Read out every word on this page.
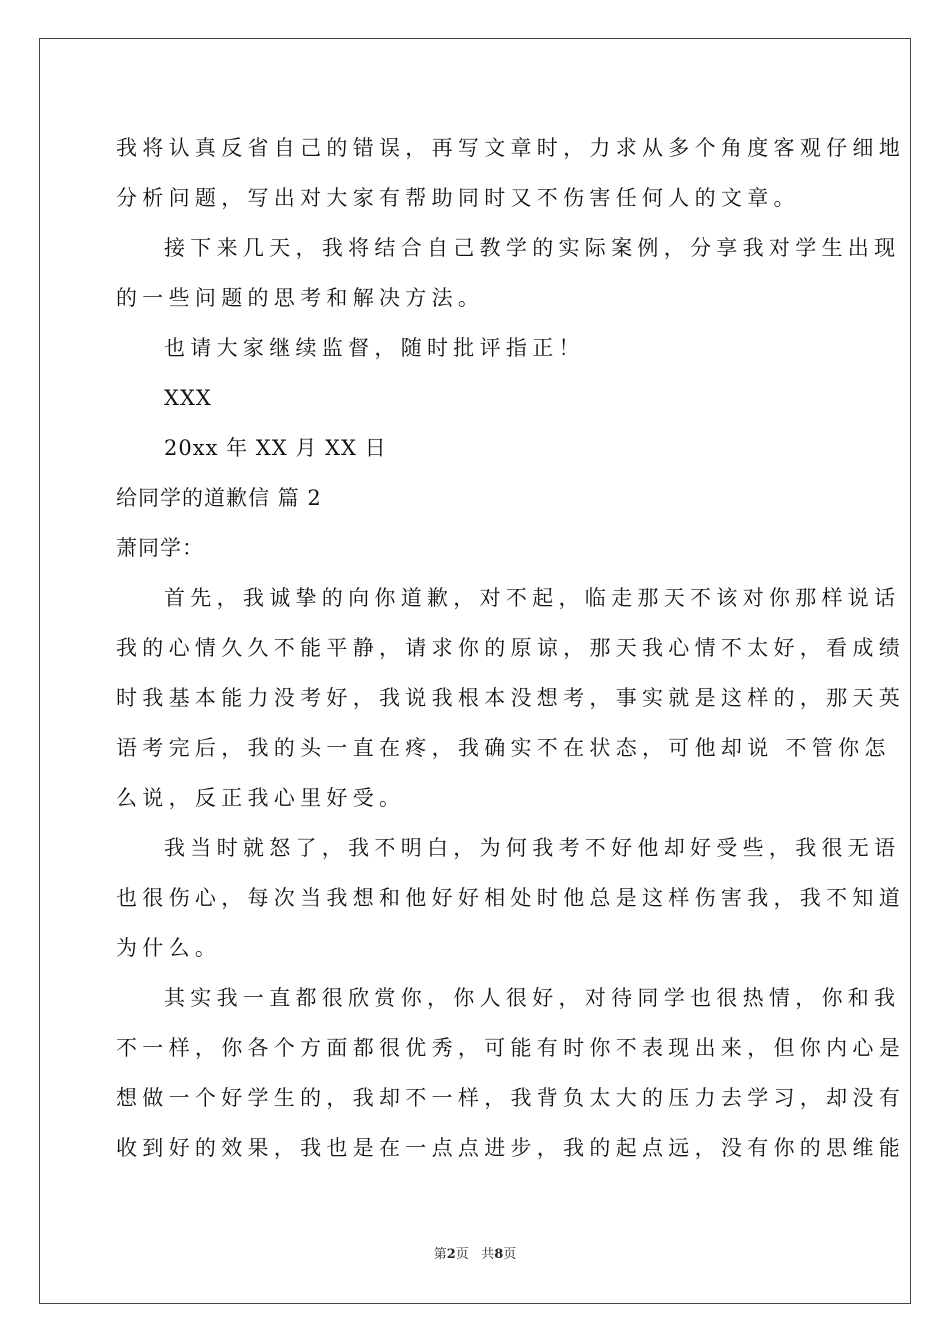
我将认真反省自己的错误，再写文章时，力求从多个角度客观仔细地
分析问题，写出对大家有帮助同时又不伤害任何人的文章。
接下来几天，我将结合自己教学的实际案例，分享我对学生出现
的一些问题的思考和解决方法。
也请大家继续监督，随时批评指正！
XXX
20xx 年 XX 月 XX 日
给同学的道歉信 篇 2
萧同学：
首先，我诚挚的向你道歉，对不起，临走那天不该对你那样说话
我的心情久久不能平静，请求你的原谅，那天我心情不太好，看成绩
时我基本能力没考好，我说我根本没想考，事实就是这样的，那天英
语考完后，我的头一直在疼，我确实不在状态，可他却说 不管你怎
么说，反正我心里好受。
我当时就怒了，我不明白，为何我考不好他却好受些，我很无语
也很伤心，每次当我想和他好好相处时他总是这样伤害我，我不知道
为什么。
其实我一直都很欣赏你，你人很好，对待同学也很热情，你和我
不一样，你各个方面都很优秀，可能有时你不表现出来，但你内心是
想做一个好学生的，我却不一样，我背负太大的压力去学习，却没有
收到好的效果，我也是在一点点进步，我的起点远，没有你的思维能
第2页 共8页
